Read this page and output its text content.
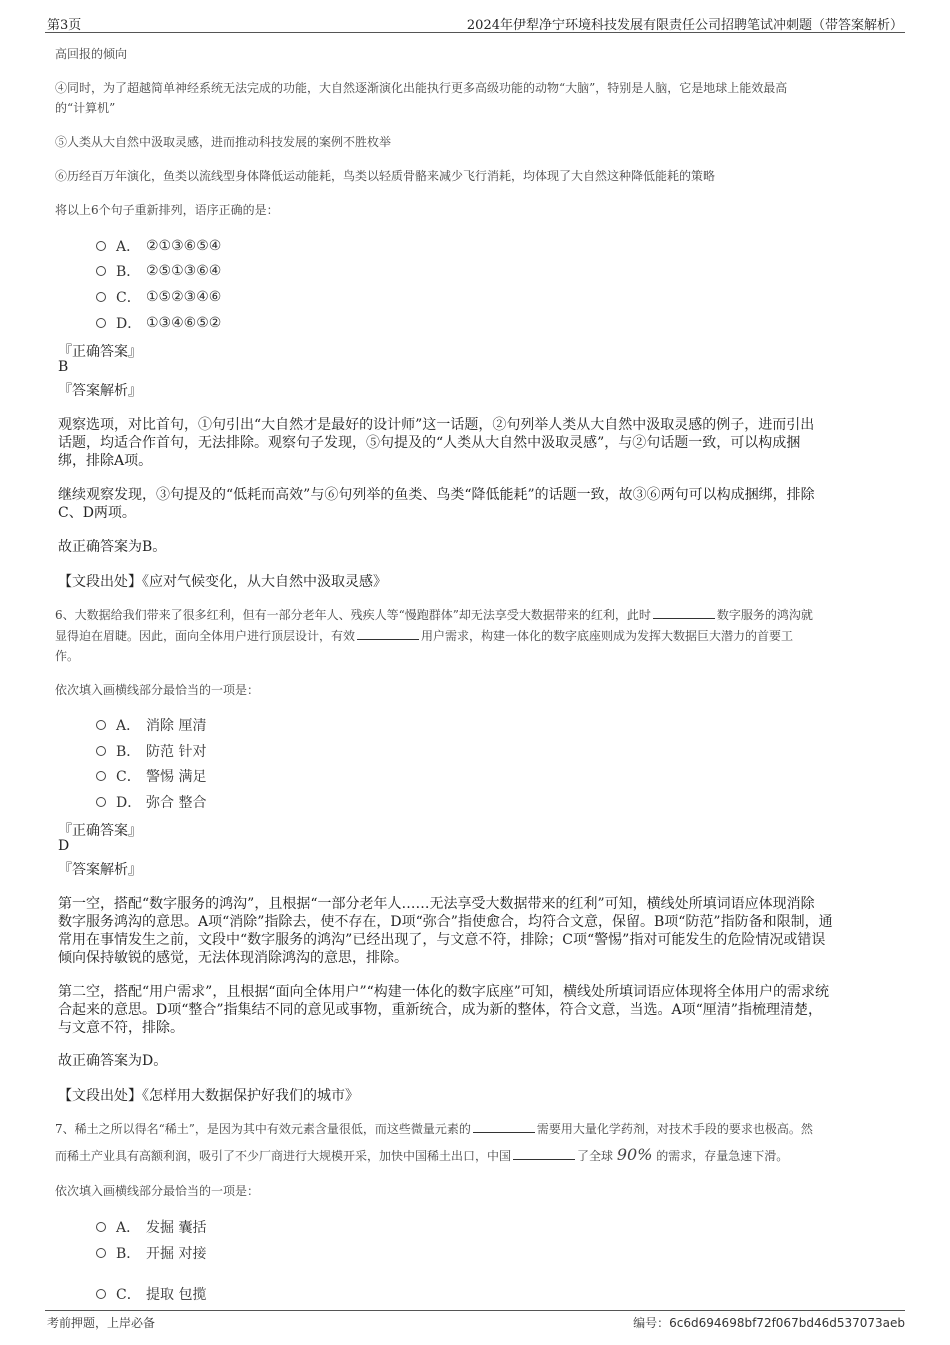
第3页	2024年伊犁净宁环境科技发展有限责任公司招聘笔试冲刺题（带答案解析）
高回报的倾向
④同时，为了超越简单神经系统无法完成的功能，大自然逐渐演化出能执行更多高级功能的动物“大脑”，特别是人脑，它是地球上能效最高
的“计算机”
⑤人类从大自然中汲取灵感，进而推动科技发展的案例不胜枚举
⑥历经百万年演化，鱼类以流线型身体降低运动能耗，鸟类以轻质骨骼来减少飞行消耗，均体现了大自然这种降低能耗的策略
将以上6个句子重新排列，语序正确的是：
A． ②①③⑥⑤④
B． ②⑤①③⑥④
C． ①⑤②③④⑥
D． ①③④⑥⑤②
『正确答案』
B
『答案解析』
观察选项，对比首句，①句引出“大自然才是最好的设计师”这一话题，②句列举人类从大自然中汲取灵感的例子，进而引出
话题，均适合作首句，无法排除。观察句子发现，⑤句提及的“人类从大自然中汲取灵感”，与②句话题一致，可以构成捆
绑，排除A项。
继续观察发现，③句提及的“低耗而高效”与⑥句列举的鱼类、鸟类“降低能耗”的话题一致，故③⑥两句可以构成捆绑，排除
C、D两项。
故正确答案为B。
【文段出处】《应对气候变化，从大自然中汲取灵感》
6、大数据给我们带来了很多红利，但有一部分老年人、残疾人等“慢跑群体”却无法享受大数据带来的红利，此时	数字服务的鸿沟就
显得迫在眉睫。因此，面向全体用户进行顶层设计，有效	用户需求，构建一体化的数字底座则成为发挥大数据巨大潜力的首要工
作。
依次填入画横线部分最恰当的一项是：
A． 消除 厘清
B． 防范 针对
C． 警惕 满足
D． 弥合 整合
『正确答案』
D
『答案解析』
第一空，搭配“数字服务的鸿沟”，且根据“一部分老年人……无法享受大数据带来的红利”可知，横线处所填词语应体现消除
数字服务鸿沟的意思。A项“消除”指除去，使不存在，D项“弥合”指使愈合，均符合文意，保留。B项“防范”指防备和限制，通
常用在事情发生之前，文段中“数字服务的鸿沟”已经出现了，与文意不符，排除；C项“警惕”指对可能发生的危险情况或错误
倾向保持敏锐的感觉，无法体现消除鸿沟的意思，排除。
第二空，搭配“用户需求”，且根据“面向全体用户”“构建一体化的数字底座”可知，横线处所填词语应体现将全体用户的需求统
合起来的意思。D项“整合”指集结不同的意见或事物，重新统合，成为新的整体，符合文意，当选。A项“厘清”指梳理清楚，
与文意不符，排除。
故正确答案为D。
【文段出处】《怎样用大数据保护好我们的城市》
7、稀土之所以得名“稀土”，是因为其中有效元素含量很低，而这些微量元素的	需要用大量化学药剂，对技术手段的要求也极高。然
而稀土产业具有高额利润，吸引了不少厂商进行大规模开采，加快中国稀土出口，中国	了全球 90% 的需求，存量急速下滑。
依次填入画横线部分最恰当的一项是：
A． 发掘 囊括
B． 开掘 对接
C． 提取 包揽
考前押题，上岸必备	编号：6c6d694698bf72f067bd46d537073aeb
